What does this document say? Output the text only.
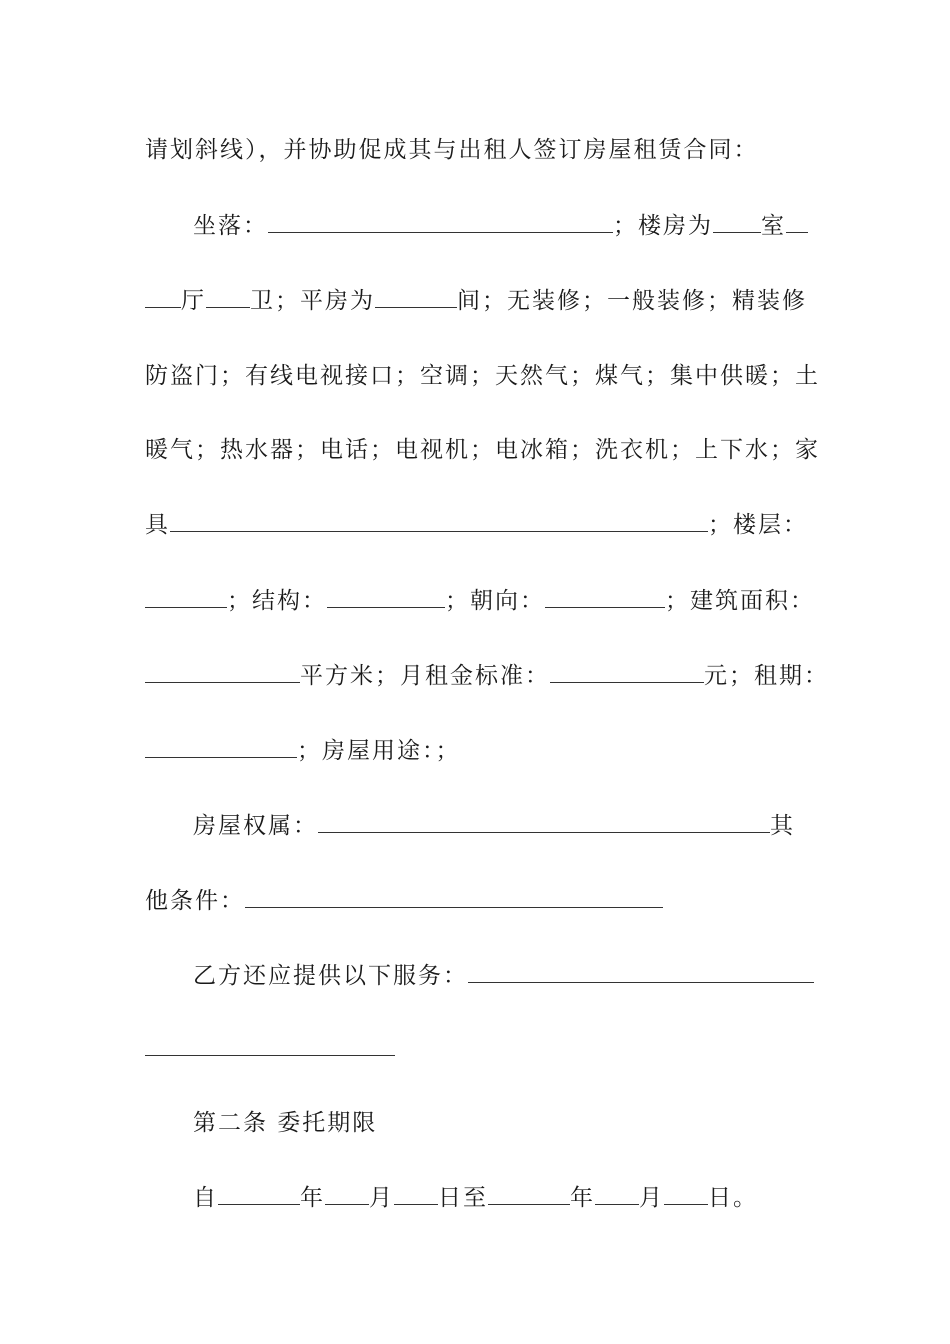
请划斜线），并协助促成其与出租人签订房屋租赁合同：
坐落：	；楼房为 室
厅 卫；平房为	间；无装修；一般装修；精装修
防盗门；有线电视接口；空调；天然气；煤气；集中供暖；土
暖气；热水器；电话；电视机；电冰箱；洗衣机；上下水；家
具	；楼层：
；结构：	；朝向：	；建筑面积：
平方米；月租金标准：	元；租期：
；房屋用途：；
房屋权属：	其
他条件：
乙方还应提供以下服务：
第二条 委托期限
自	年 月 日至	年 月 日。
